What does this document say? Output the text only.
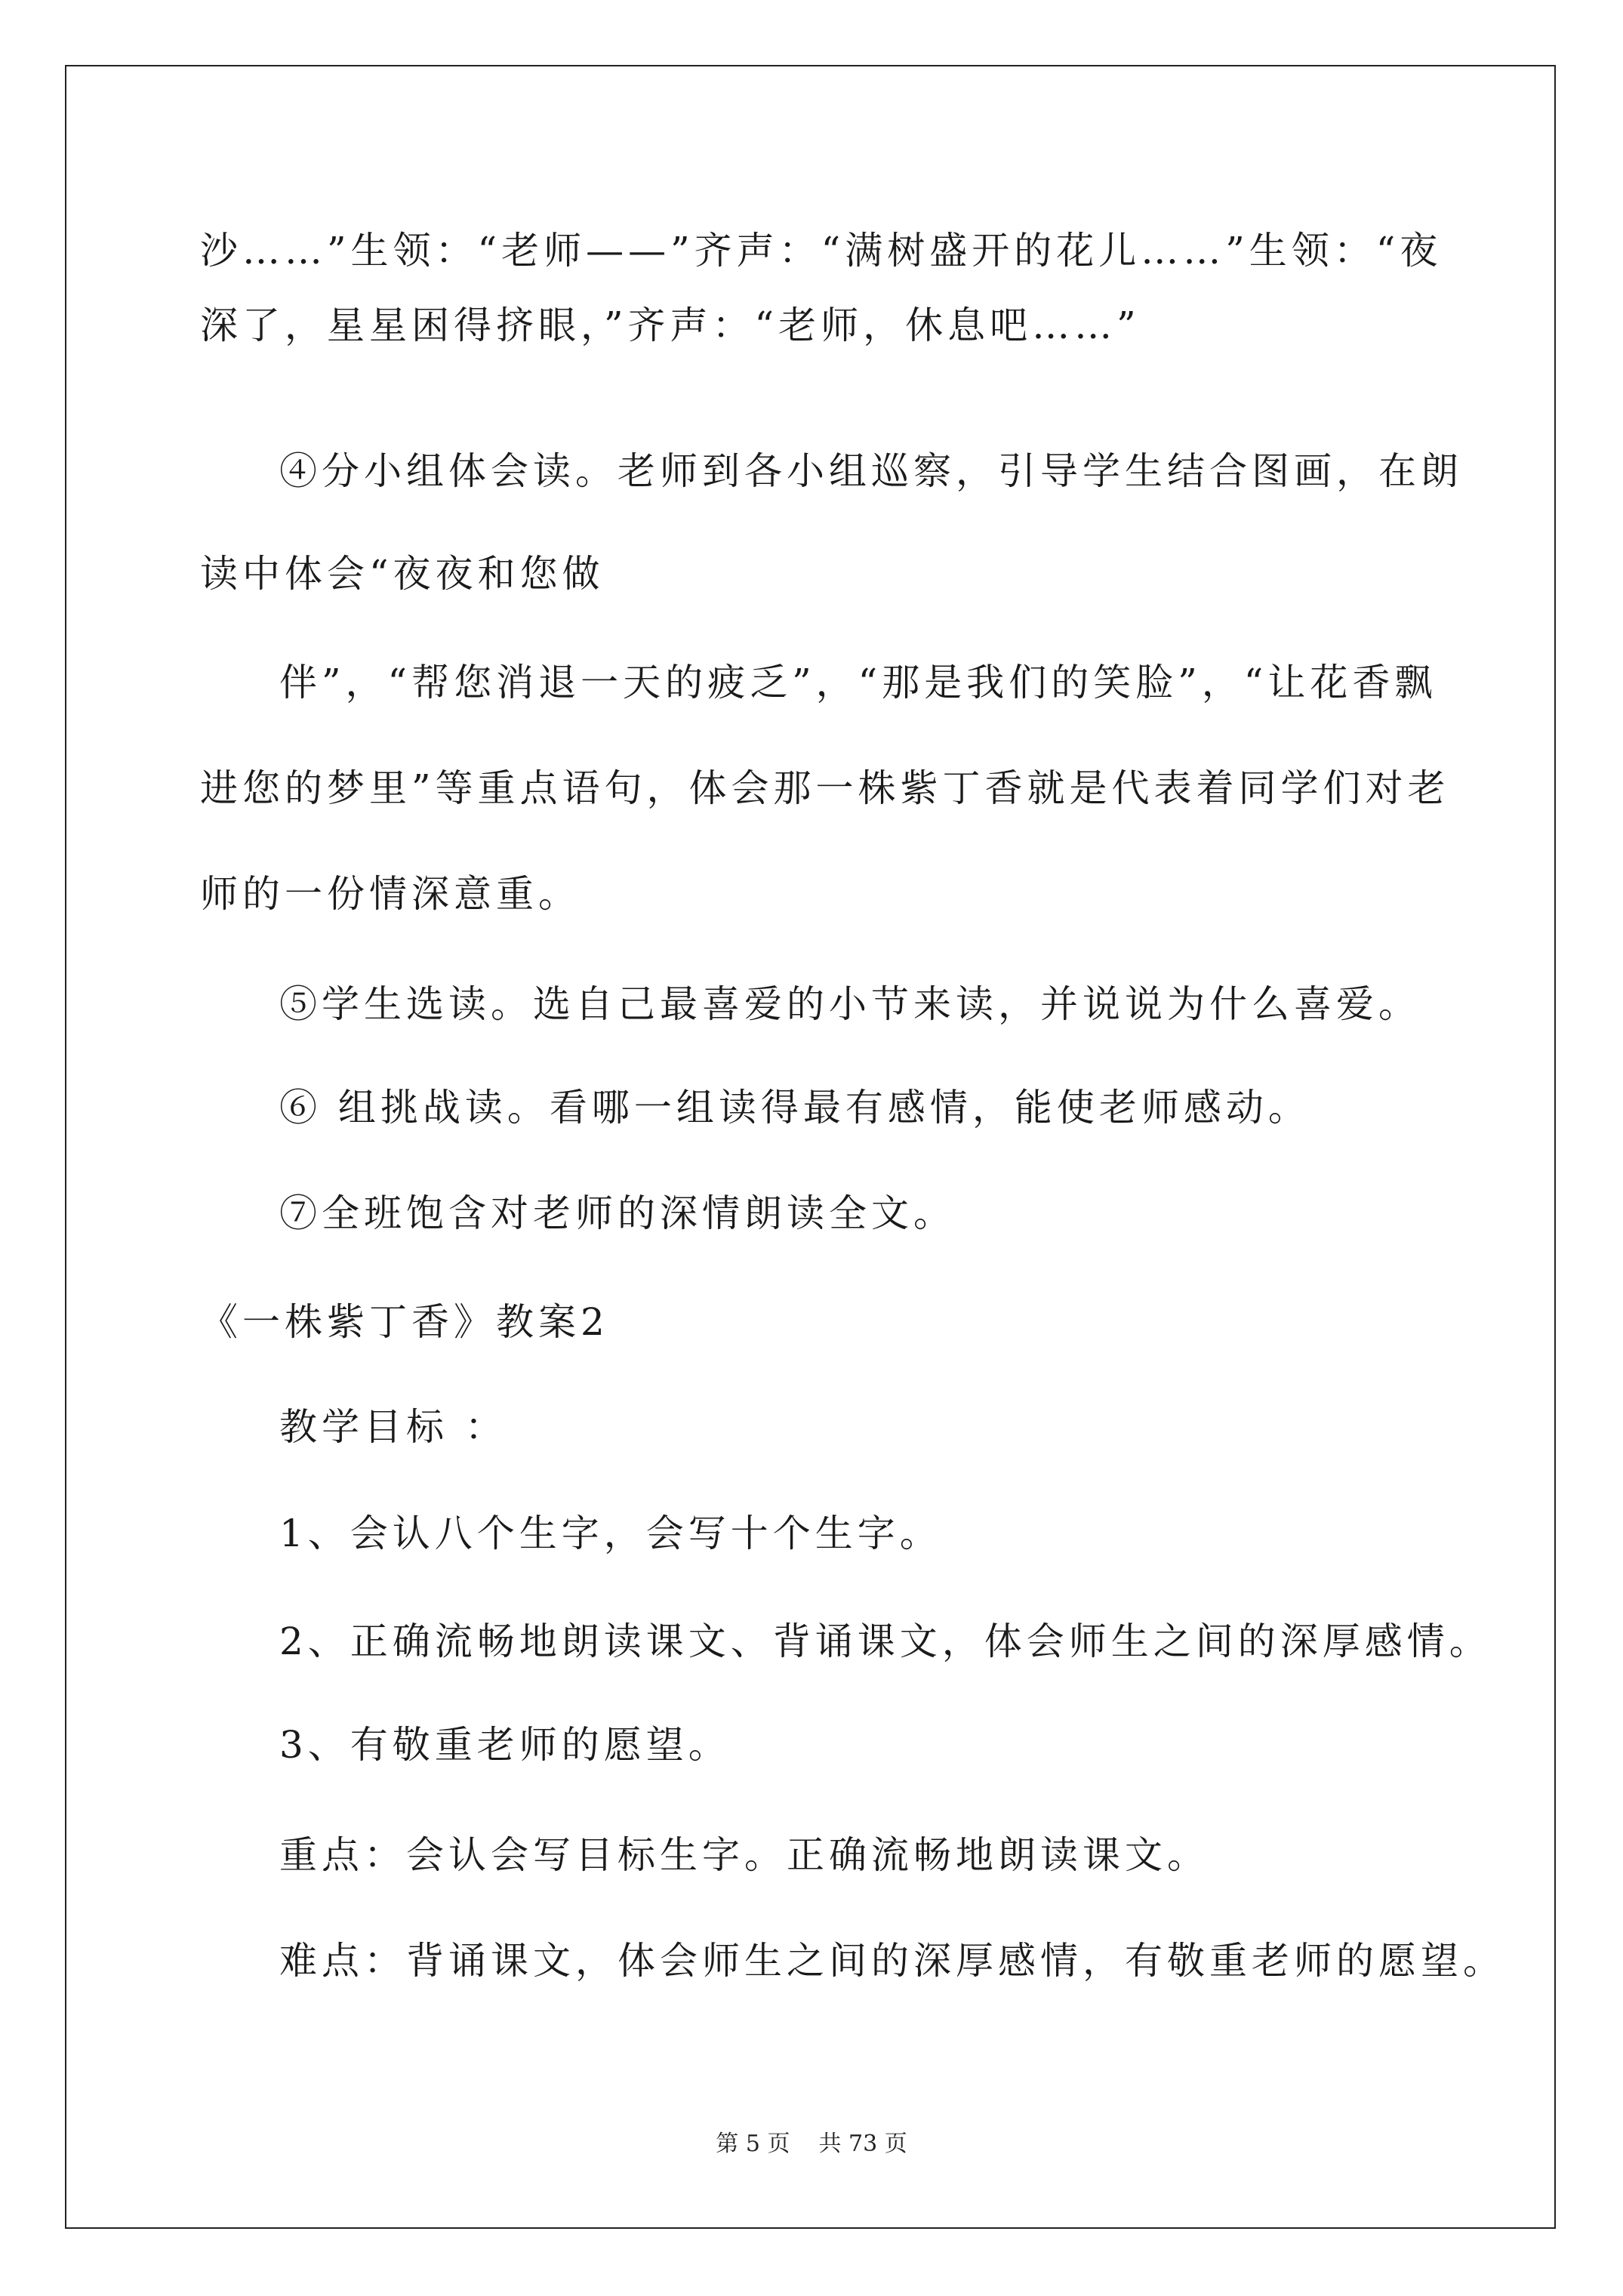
沙……”生领：“老师——”齐声：“满树盛开的花儿……”生领：“夜
深了，星星困得挤眼，”齐声：“老师，休息吧……”
④分小组体会读。老师到各小组巡察，引导学生结合图画，在朗
读中体会“夜夜和您做
伴”，“帮您消退一天的疲乏”，“那是我们的笑脸”，“让花香飘
进您的梦里”等重点语句，体会那一株紫丁香就是代表着同学们对老
师的一份情深意重。
⑤学生选读。选自己最喜爱的小节来读，并说说为什么喜爱。
⑥ 组挑战读。看哪一组读得最有感情，能使老师感动。
⑦全班饱含对老师的深情朗读全文。
《一株紫丁香》教案2
教学目标 ：
1、会认八个生字，会写十个生字。
2、正确流畅地朗读课文、背诵课文，体会师生之间的深厚感情。
3、有敬重老师的愿望。
重点：会认会写目标生字。正确流畅地朗读课文。
难点：背诵课文，体会师生之间的深厚感情，有敬重老师的愿望。
第 5 页 共 73 页
